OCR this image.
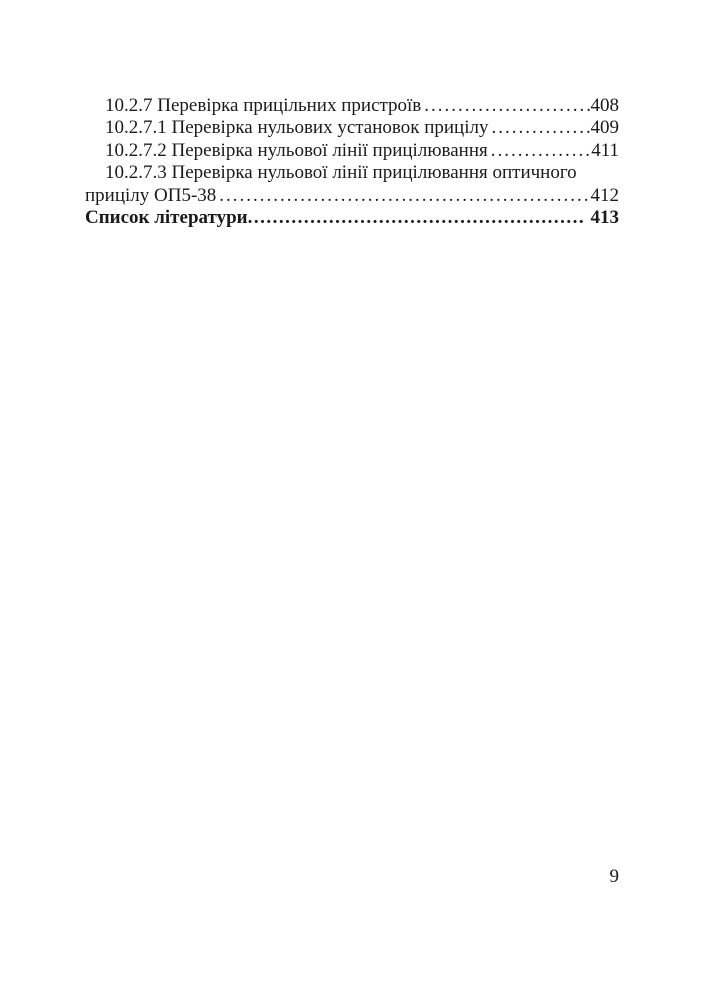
10.2.7 Перевірка прицільних пристроїв .....	408
10.2.7.1 Перевірка нульових установок прицілу .....	409
10.2.7.2 Перевірка нульової лінії прицілювання .....	411
10.2.7.3 Перевірка нульової лінії прицілювання оптичного
прицілу ОП5-38 .....	412
Список літератури .....	413
9
